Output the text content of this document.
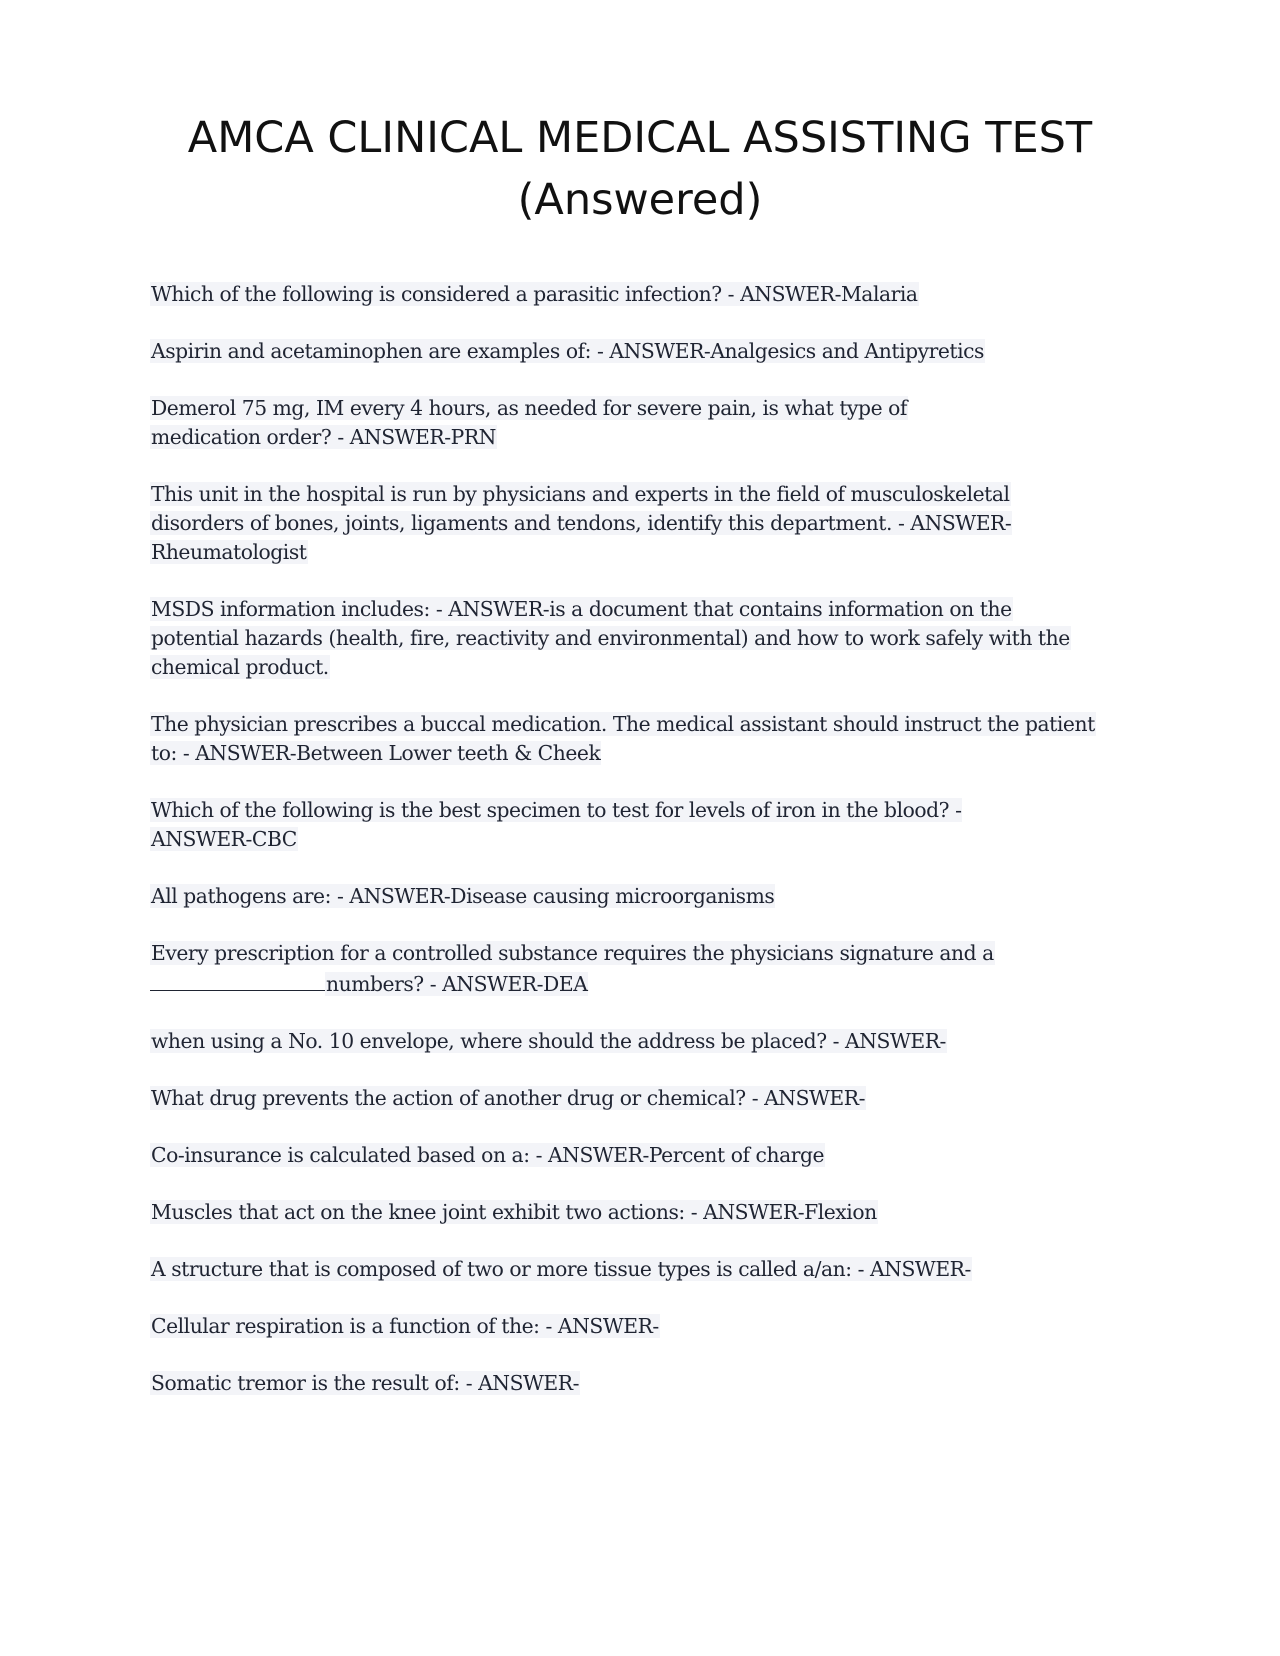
AMCA CLINICAL MEDICAL ASSISTING TEST
(Answered)
Which of the following is considered a parasitic infection? - ANSWER-Malaria
Aspirin and acetaminophen are examples of: - ANSWER-Analgesics and Antipyretics
Demerol 75 mg, IM every 4 hours, as needed for severe pain, is what type of
medication order? - ANSWER-PRN
This unit in the hospital is run by physicians and experts in the field of musculoskeletal
disorders of bones, joints, ligaments and tendons, identify this department. - ANSWER-
Rheumatologist
MSDS information includes: - ANSWER-is a document that contains information on the
potential hazards (health, fire, reactivity and environmental) and how to work safely with the
chemical product.
The physician prescribes a buccal medication. The medical assistant should instruct the patient
to: - ANSWER-Between Lower teeth & Cheek
Which of the following is the best specimen to test for levels of iron in the blood? -
ANSWER-CBC
All pathogens are: - ANSWER-Disease causing microorganisms
Every prescription for a controlled substance requires the physicians signature and a
numbers? - ANSWER-DEA
when using a No. 10 envelope, where should the address be placed? - ANSWER-
What drug prevents the action of another drug or chemical? - ANSWER-
Co-insurance is calculated based on a: - ANSWER-Percent of charge
Muscles that act on the knee joint exhibit two actions: - ANSWER-Flexion
A structure that is composed of two or more tissue types is called a/an: - ANSWER-
Cellular respiration is a function of the: - ANSWER-
Somatic tremor is the result of: - ANSWER-
